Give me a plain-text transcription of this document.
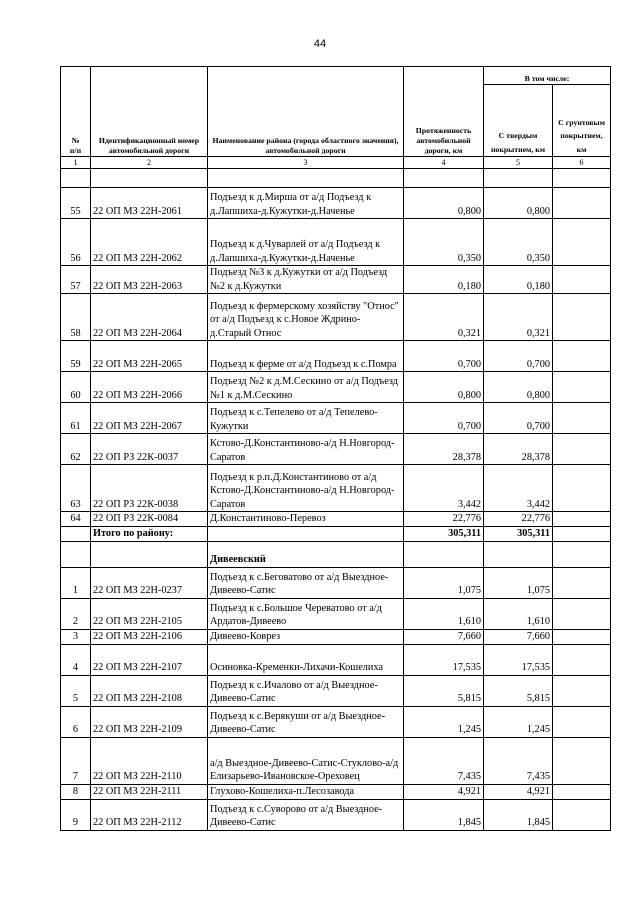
44
№
п/п	Идентификационный номер автомобильной дороги	Наименование района (города областного значения), автомобильной дороги	Протяженность автомобильной дороги, км	В том числе:	
				С твердым покрытием, км	С грунтовым покрытием, км
1	2	3	4	5	6

55	22 ОП МЗ 22Н-2061	Подъезд к д.Мирша от а/д Подъезд к д.Лапшиха-д.Кужутки-д.Наченье	0,800	0,800	
56	22 ОП МЗ 22Н-2062	Подъезд к д.Чуварлей от а/д Подъезд к д.Лапшиха-д.Кужутки-д.Наченье	0,350	0,350	
57	22 ОП МЗ 22Н-2063	Подъезд №3 к д.Кужутки от а/д Подъезд №2 к д.Кужутки	0,180	0,180	
58	22 ОП МЗ 22Н-2064	Подъезд к фермерскому хозяйству "Относ" от а/д Подъезд к с.Новое Ждрино-д.Старый Относ	0,321	0,321	
59	22 ОП МЗ 22Н-2065	Подъезд к ферме от а/д Подъезд к с.Помра	0,700	0,700	
60	22 ОП МЗ 22Н-2066	Подъезд №2 к д.М.Сескино от а/д Подъезд №1 к д.М.Сескино	0,800	0,800	
61	22 ОП МЗ 22Н-2067	Подъезд к с.Тепелево от а/д Тепелево-Кужутки	0,700	0,700	
62	22 ОП РЗ 22К-0037	Кстово-Д.Константиново-а/д Н.Новгород-Саратов	28,378	28,378	
63	22 ОП РЗ 22К-0038	Подъезд к р.п.Д.Константиново от а/д Кстово-Д.Константиново-а/д Н.Новгород-Саратов	3,442	3,442	
64	22 ОП РЗ 22К-0084	Д.Константиново-Перевоз	22,776	22,776	
	Итого по району:		305,311	305,311	
		Дивеевский			
1	22 ОП МЗ 22Н-0237	Подъезд к с.Беговатово от а/д Выездное-Дивеево-Сатис	1,075	1,075	
2	22 ОП МЗ 22Н-2105	Подъезд к с.Большое Череватово от а/д Ардатов-Дивеево	1,610	1,610	
3	22 ОП МЗ 22Н-2106	Дивеево-Коврез	7,660	7,660	
4	22 ОП МЗ 22Н-2107	Осиновка-Кременки-Лихачи-Кошелиха	17,535	17,535	
5	22 ОП МЗ 22Н-2108	Подъезд к с.Ичалово от а/д Выездное-Дивеево-Сатис	5,815	5,815	
6	22 ОП МЗ 22Н-2109	Подъезд к с.Верякуши от а/д Выездное-Дивеево-Сатис	1,245	1,245	
7	22 ОП МЗ 22Н-2110	а/д Выездное-Дивеево-Сатис-Стуклово-а/д Елизарьево-Ивановское-Ореховец	7,435	7,435	
8	22 ОП МЗ 22Н-2111	Глухово-Кошелиха-п.Лесозавода	4,921	4,921	
9	22 ОП МЗ 22Н-2112	Подъезд к с.Суворово от а/д Выездное-Дивеево-Сатис	1,845	1,845	
